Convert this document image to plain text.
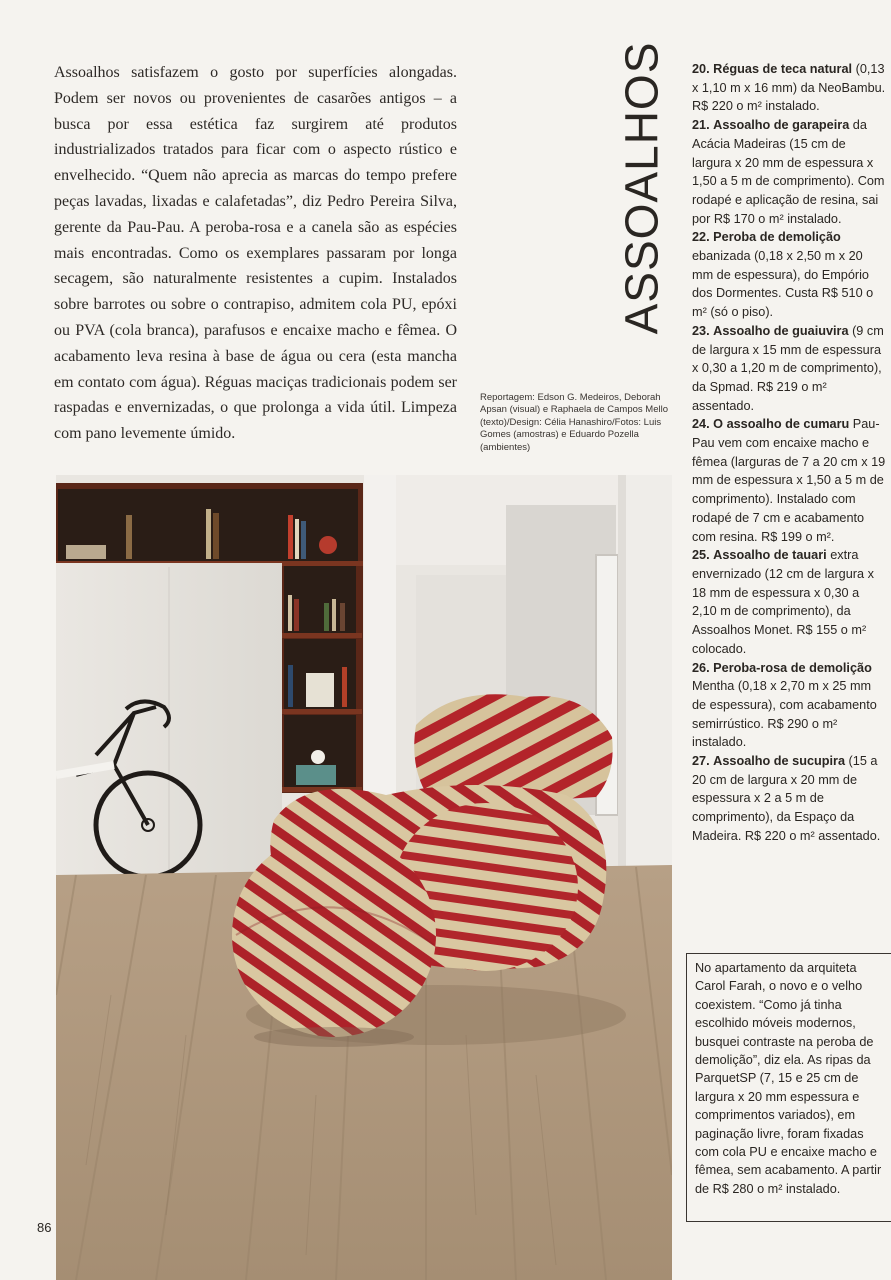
Assoalhos satisfazem o gosto por superfícies alongadas. Podem ser novos ou provenientes de casarões antigos – a busca por essa estética faz surgirem até produtos industrializados tratados para ficar com o aspecto rústico e envelhecido. “Quem não aprecia as marcas do tempo prefere peças lavadas, lixadas e calafetadas”, diz Pedro Pereira Silva, gerente da Pau-Pau. A peroba-rosa e a canela são as espécies mais encontradas. Como os exemplares passaram por longa secagem, são naturalmente resistentes a cupim. Instalados sobre barrotes ou sobre o contrapiso, admitem cola PU, epóxi ou PVA (cola branca), parafusos e encaixe macho e fêmea. O acabamento leva resina à base de água ou cera (esta mancha em contato com água). Réguas maciças tradicionais podem ser raspadas e envernizadas, o que prolonga a vida útil. Limpeza com pano levemente úmido.

ASSOALHOS

Reportagem: Edson G. Medeiros, Deborah Apsan (visual) e Raphaela de Campos Mello (texto)/Design: Célia Hanashiro/Fotos: Luis Gomes (amostras) e Eduardo Pozella (ambientes)

20. Réguas de teca natural (0,13 x 1,10 m x 16 mm) da NeoBambu. R$ 220 o m² instalado.

21. Assoalho de garapeira da Acácia Madeiras (15 cm de largura x 20 mm de espessura x 1,50 a 5 m de comprimento). Com rodapé e aplicação de resina, sai por R$ 170 o m² instalado.

22. Peroba de demolição ebanizada (0,18 x 2,50 m x 20 mm de espessura), do Empório dos Dormentes. Custa R$ 510 o m² (só o piso).

23. Assoalho de guaiuvira (9 cm de largura x 15 mm de espessura x 0,30 a 1,20 m de comprimento), da Spmad. R$ 219 o m² assentado.

24. O assoalho de cumaru Pau-Pau vem com encaixe macho e fêmea (larguras de 7 a 20 cm x 19 mm de espessura x 1,50 a 5 m de comprimento). Instalado com rodapé de 7 cm e acabamento com resina. R$ 199 o m².

25. Assoalho de tauari extra envernizado (12 cm de largura x 18 mm de espessura x 0,30 a 2,10 m de comprimento), da Assoalhos Monet. R$ 155 o m² colocado.

26. Peroba-rosa de demolição Mentha (0,18 x 2,70 m x 25 mm de espessura), com acabamento semirrústico. R$ 290 o m² instalado.

27. Assoalho de sucupira (15 a 20 cm de largura x 20 mm de espessura x 2 a 5 m de comprimento), da Espaço da Madeira. R$ 220 o m² assentado.

No apartamento da arquiteta Carol Farah, o novo e o velho coexistem. “Como já tinha escolhido móveis modernos, busquei contraste na peroba de demolição”, diz ela. As ripas da ParquetSP (7, 15 e 25 cm de largura x 20 mm espessura e comprimentos variados), em paginação livre, foram fixadas com cola PU e encaixe macho e fêmea, sem acabamento. A partir de R$ 280 o m² instalado.

86
